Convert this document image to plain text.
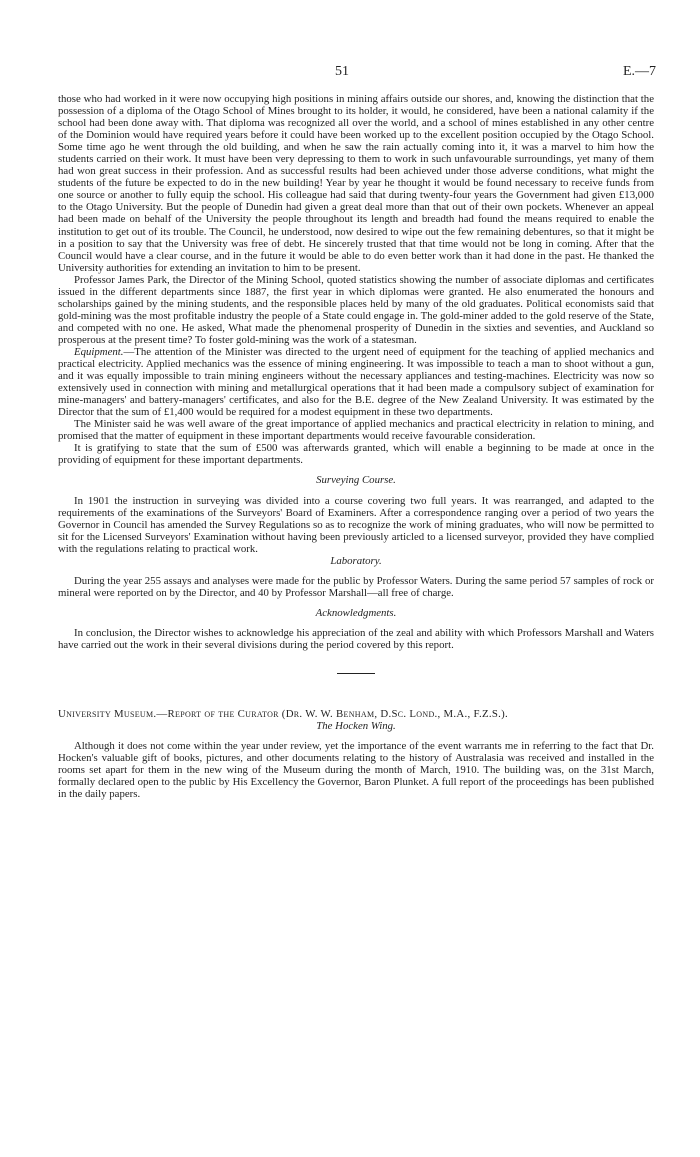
51	E.—7

those who had worked in it were now occupying high positions in mining affairs outside our shores, and, knowing the distinction that the possession of a diploma of the Otago School of Mines brought to its holder, it would, he considered, have been a national calamity if the school had been done away with. That diploma was recognized all over the world, and a school of mines established in any other centre of the Dominion would have required years before it could have been worked up to the excellent position occupied by the Otago School. Some time ago he went through the old building, and when he saw the rain actually coming into it, it was a marvel to him how the students carried on their work. It must have been very depressing to them to work in such unfavourable surroundings, yet many of them had won great success in their profession. And as successful results had been achieved under those adverse conditions, what might the students of the future be expected to do in the new building! Year by year he thought it would be found necessary to receive funds from one source or another to fully equip the school. His colleague had said that during twenty-four years the Government had given £13,000 to the Otago University. But the people of Dunedin had given a great deal more than that out of their own pockets. Whenever an appeal had been made on behalf of the University the people throughout its length and breadth had found the means required to enable the institution to get out of its trouble. The Council, he understood, now desired to wipe out the few remaining debentures, so that it might be in a position to say that the University was free of debt. He sincerely trusted that that time would not be long in coming. After that the Council would have a clear course, and in the future it would be able to do even better work than it had done in the past. He thanked the University authorities for extending an invitation to him to be present.

Professor James Park, the Director of the Mining School, quoted statistics showing the number of associate diplomas and certificates issued in the different departments since 1887, the first year in which diplomas were granted. He also enumerated the honours and scholarships gained by the mining students, and the responsible places held by many of the old graduates. Political economists said that gold-mining was the most profitable industry the people of a State could engage in. The gold-miner added to the gold reserve of the State, and competed with no one. He asked, What made the phenomenal prosperity of Dunedin in the sixties and seventies, and Auckland so prosperous at the present time? To foster gold-mining was the work of a statesman.

Equipment.—The attention of the Minister was directed to the urgent need of equipment for the teaching of applied mechanics and practical electricity. Applied mechanics was the essence of mining engineering. It was impossible to teach a man to shoot without a gun, and it was equally impossible to train mining engineers without the necessary appliances and testing-machines. Electricity was now so extensively used in connection with mining and metallurgical operations that it had been made a compulsory subject of examination for mine-managers' and battery-managers' certificates, and also for the B.E. degree of the New Zealand University. It was estimated by the Director that the sum of £1,400 would be required for a modest equipment in these two departments.

The Minister said he was well aware of the great importance of applied mechanics and practical electricity in relation to mining, and promised that the matter of equipment in these important departments would receive favourable consideration.

It is gratifying to state that the sum of £500 was afterwards granted, which will enable a beginning to be made at once in the providing of equipment for these important departments.

Surveying Course.

In 1901 the instruction in surveying was divided into a course covering two full years. It was rearranged, and adapted to the requirements of the examinations of the Surveyors' Board of Examiners. After a correspondence ranging over a period of two years the Governor in Council has amended the Survey Regulations so as to recognize the work of mining graduates, who will now be permitted to sit for the Licensed Surveyors' Examination without having been previously articled to a licensed surveyor, provided they have complied with the regulations relating to practical work.

Laboratory.

During the year 255 assays and analyses were made for the public by Professor Waters. During the same period 57 samples of rock or mineral were reported on by the Director, and 40 by Professor Marshall—all free of charge.

Acknowledgments.

In conclusion, the Director wishes to acknowledge his appreciation of the zeal and ability with which Professors Marshall and Waters have carried out the work in their several divisions during the period covered by this report.

University Museum.—Report of the Curator (Dr. W. W. Benham, D.Sc. Lond., M.A., F.Z.S.).

The Hocken Wing.

Although it does not come within the year under review, yet the importance of the event warrants me in referring to the fact that Dr. Hocken's valuable gift of books, pictures, and other documents relating to the history of Australasia was received and installed in the rooms set apart for them in the new wing of the Museum during the month of March, 1910. The building was, on the 31st March, formally declared open to the public by His Excellency the Governor, Baron Plunket. A full report of the proceedings has been published in the daily papers.
